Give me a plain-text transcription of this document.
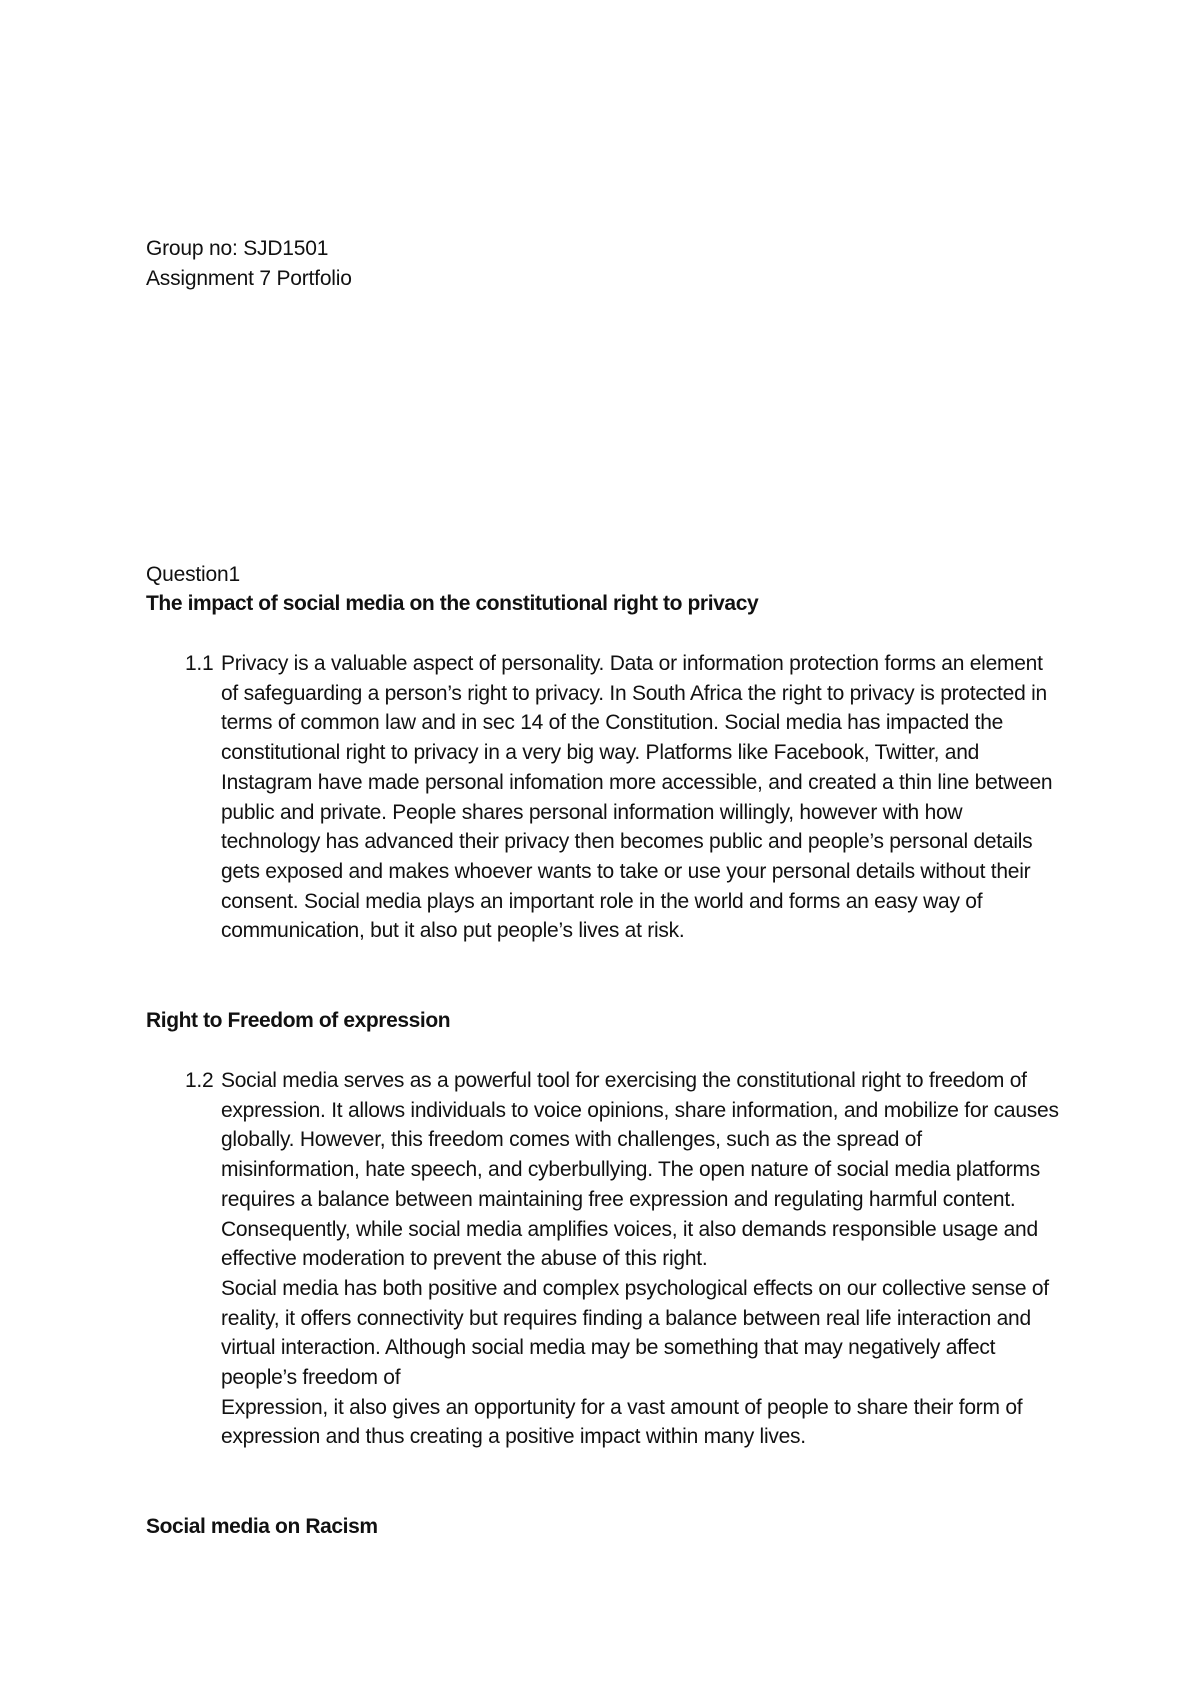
Group no: SJD1501
Assignment 7 Portfolio
Question1
The impact of social media on the constitutional right to privacy
1.1 Privacy is a valuable aspect of personality. Data or information protection forms an element of safeguarding a person’s right to privacy. In South Africa the right to privacy is protected in terms of common law and in sec 14 of the Constitution. Social media has impacted the constitutional right to privacy in a very big way. Platforms like Facebook, Twitter, and Instagram have made personal infomation more accessible, and created a thin line between public and private. People shares personal information willingly, however with how technology has advanced their privacy then becomes public and people’s personal details gets exposed and makes whoever wants to take or use your personal details without their consent. Social media plays an important role in the world and forms an easy way of communication, but it also put people’s lives at risk.

Right to Freedom of expression
1.2 Social media serves as a powerful tool for exercising the constitutional right to freedom of expression. It allows individuals to voice opinions, share information, and mobilize for causes globally. However, this freedom comes with challenges, such as the spread of misinformation, hate speech, and cyberbullying. The open nature of social media platforms requires a balance between maintaining free expression and regulating harmful content. Consequently, while social media amplifies voices, it also demands responsible usage and effective moderation to prevent the abuse of this right.

Social media has both positive and complex psychological effects on our collective sense of reality, it offers connectivity but requires finding a balance between real life interaction and virtual interaction. Although social media may be something that may negatively affect people’s freedom of

Expression, it also gives an opportunity for a vast amount of people to share their form of expression and thus creating a positive impact within many lives.

Social media on Racism
